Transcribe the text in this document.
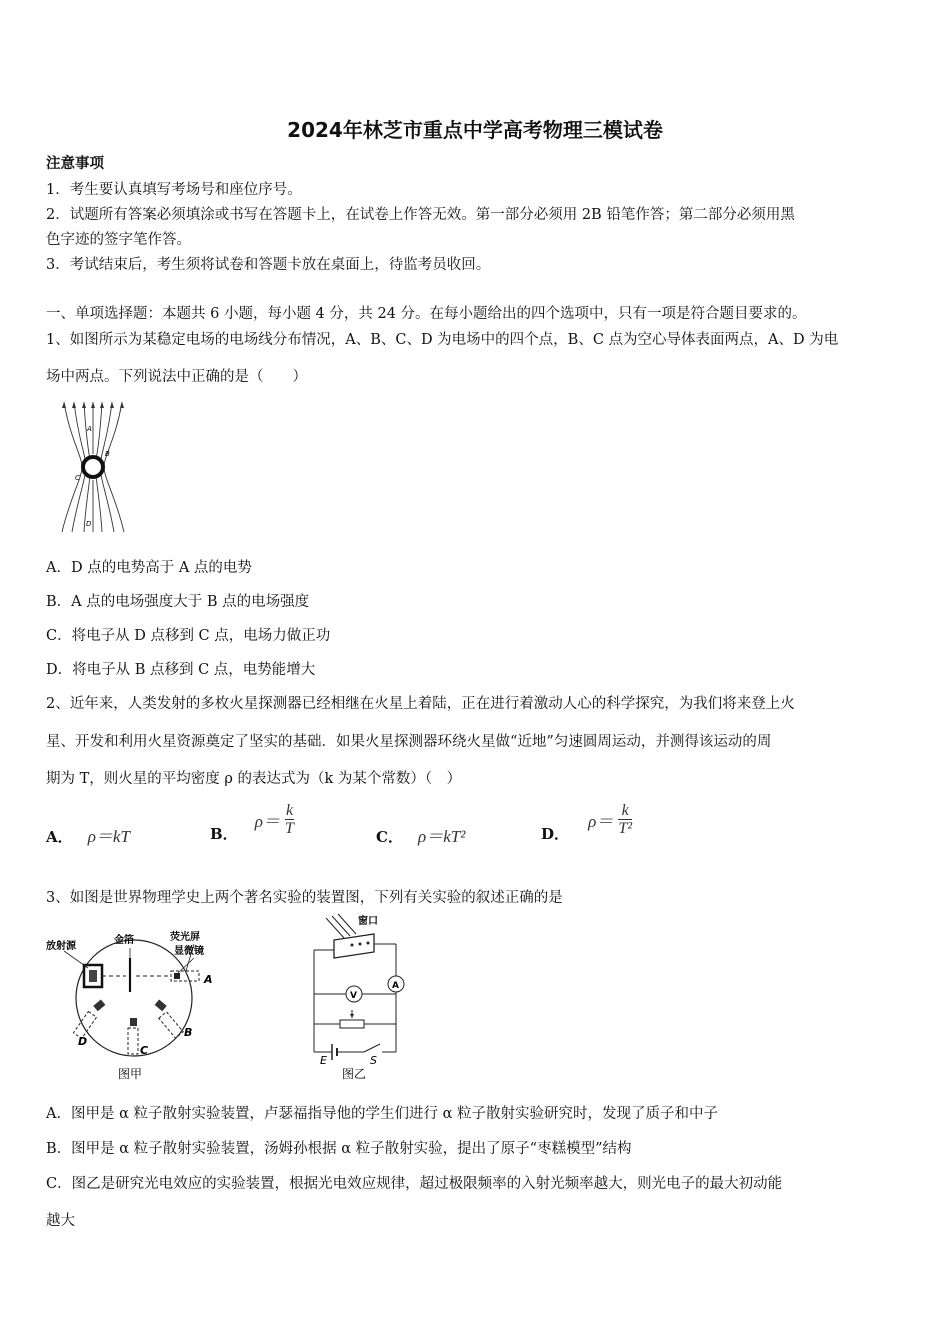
2024年林芝市重点中学高考物理三模试卷
注意事项
1．考生要认真填写考场号和座位序号。
2．试题所有答案必须填涂或书写在答题卡上，在试卷上作答无效。第一部分必须用 2B 铅笔作答；第二部分必须用黑
色字迹的签字笔作答。
3．考试结束后，考生须将试卷和答题卡放在桌面上，待监考员收回。
一、单项选择题：本题共 6 小题，每小题 4 分，共 24 分。在每小题给出的四个选项中，只有一项是符合题目要求的。
1、如图所示为某稳定电场的电场线分布情况，A、B、C、D 为电场中的四个点，B、C 点为空心导体表面两点，A、D 为电
场中两点。下列说法中正确的是（　　）
A
B
C
D
A．D 点的电势高于 A 点的电势
B．A 点的电场强度大于 B 点的电场强度
C．将电子从 D 点移到 C 点，电场力做正功
D．将电子从 B 点移到 C 点，电势能增大
2、近年来，人类发射的多枚火星探测器已经相继在火星上着陆，正在进行着激动人心的科学探究，为我们将来登上火
星、开发和利用火星资源奠定了坚实的基础．如果火星探测器环绕火星做“近地”匀速圆周运动，并测得该运动的周
期为 T，则火星的平均密度 ρ 的表达式为（k 为某个常数）（　）
A． ρ＝kT	B． $\rho= \frac{k}{T}$	C． ρ＝kT²	D． $\rho= \frac{k}{\text{T²}}$
3、如图是世界物理学史上两个著名实验的装置图，下列有关实验的叙述正确的是
放射源
金箔	荧光屏
显微镜
A
B
C
D
图甲
窗口
A
V
E	S
图乙
A．图甲是 α 粒子散射实验装置，卢瑟福指导他的学生们进行 α 粒子散射实验研究时，发现了质子和中子
B．图甲是 α 粒子散射实验装置，汤姆孙根据 α 粒子散射实验，提出了原子“枣糕模型”结构
C．图乙是研究光电效应的实验装置，根据光电效应规律，超过极限频率的入射光频率越大，则光电子的最大初动能
越大
